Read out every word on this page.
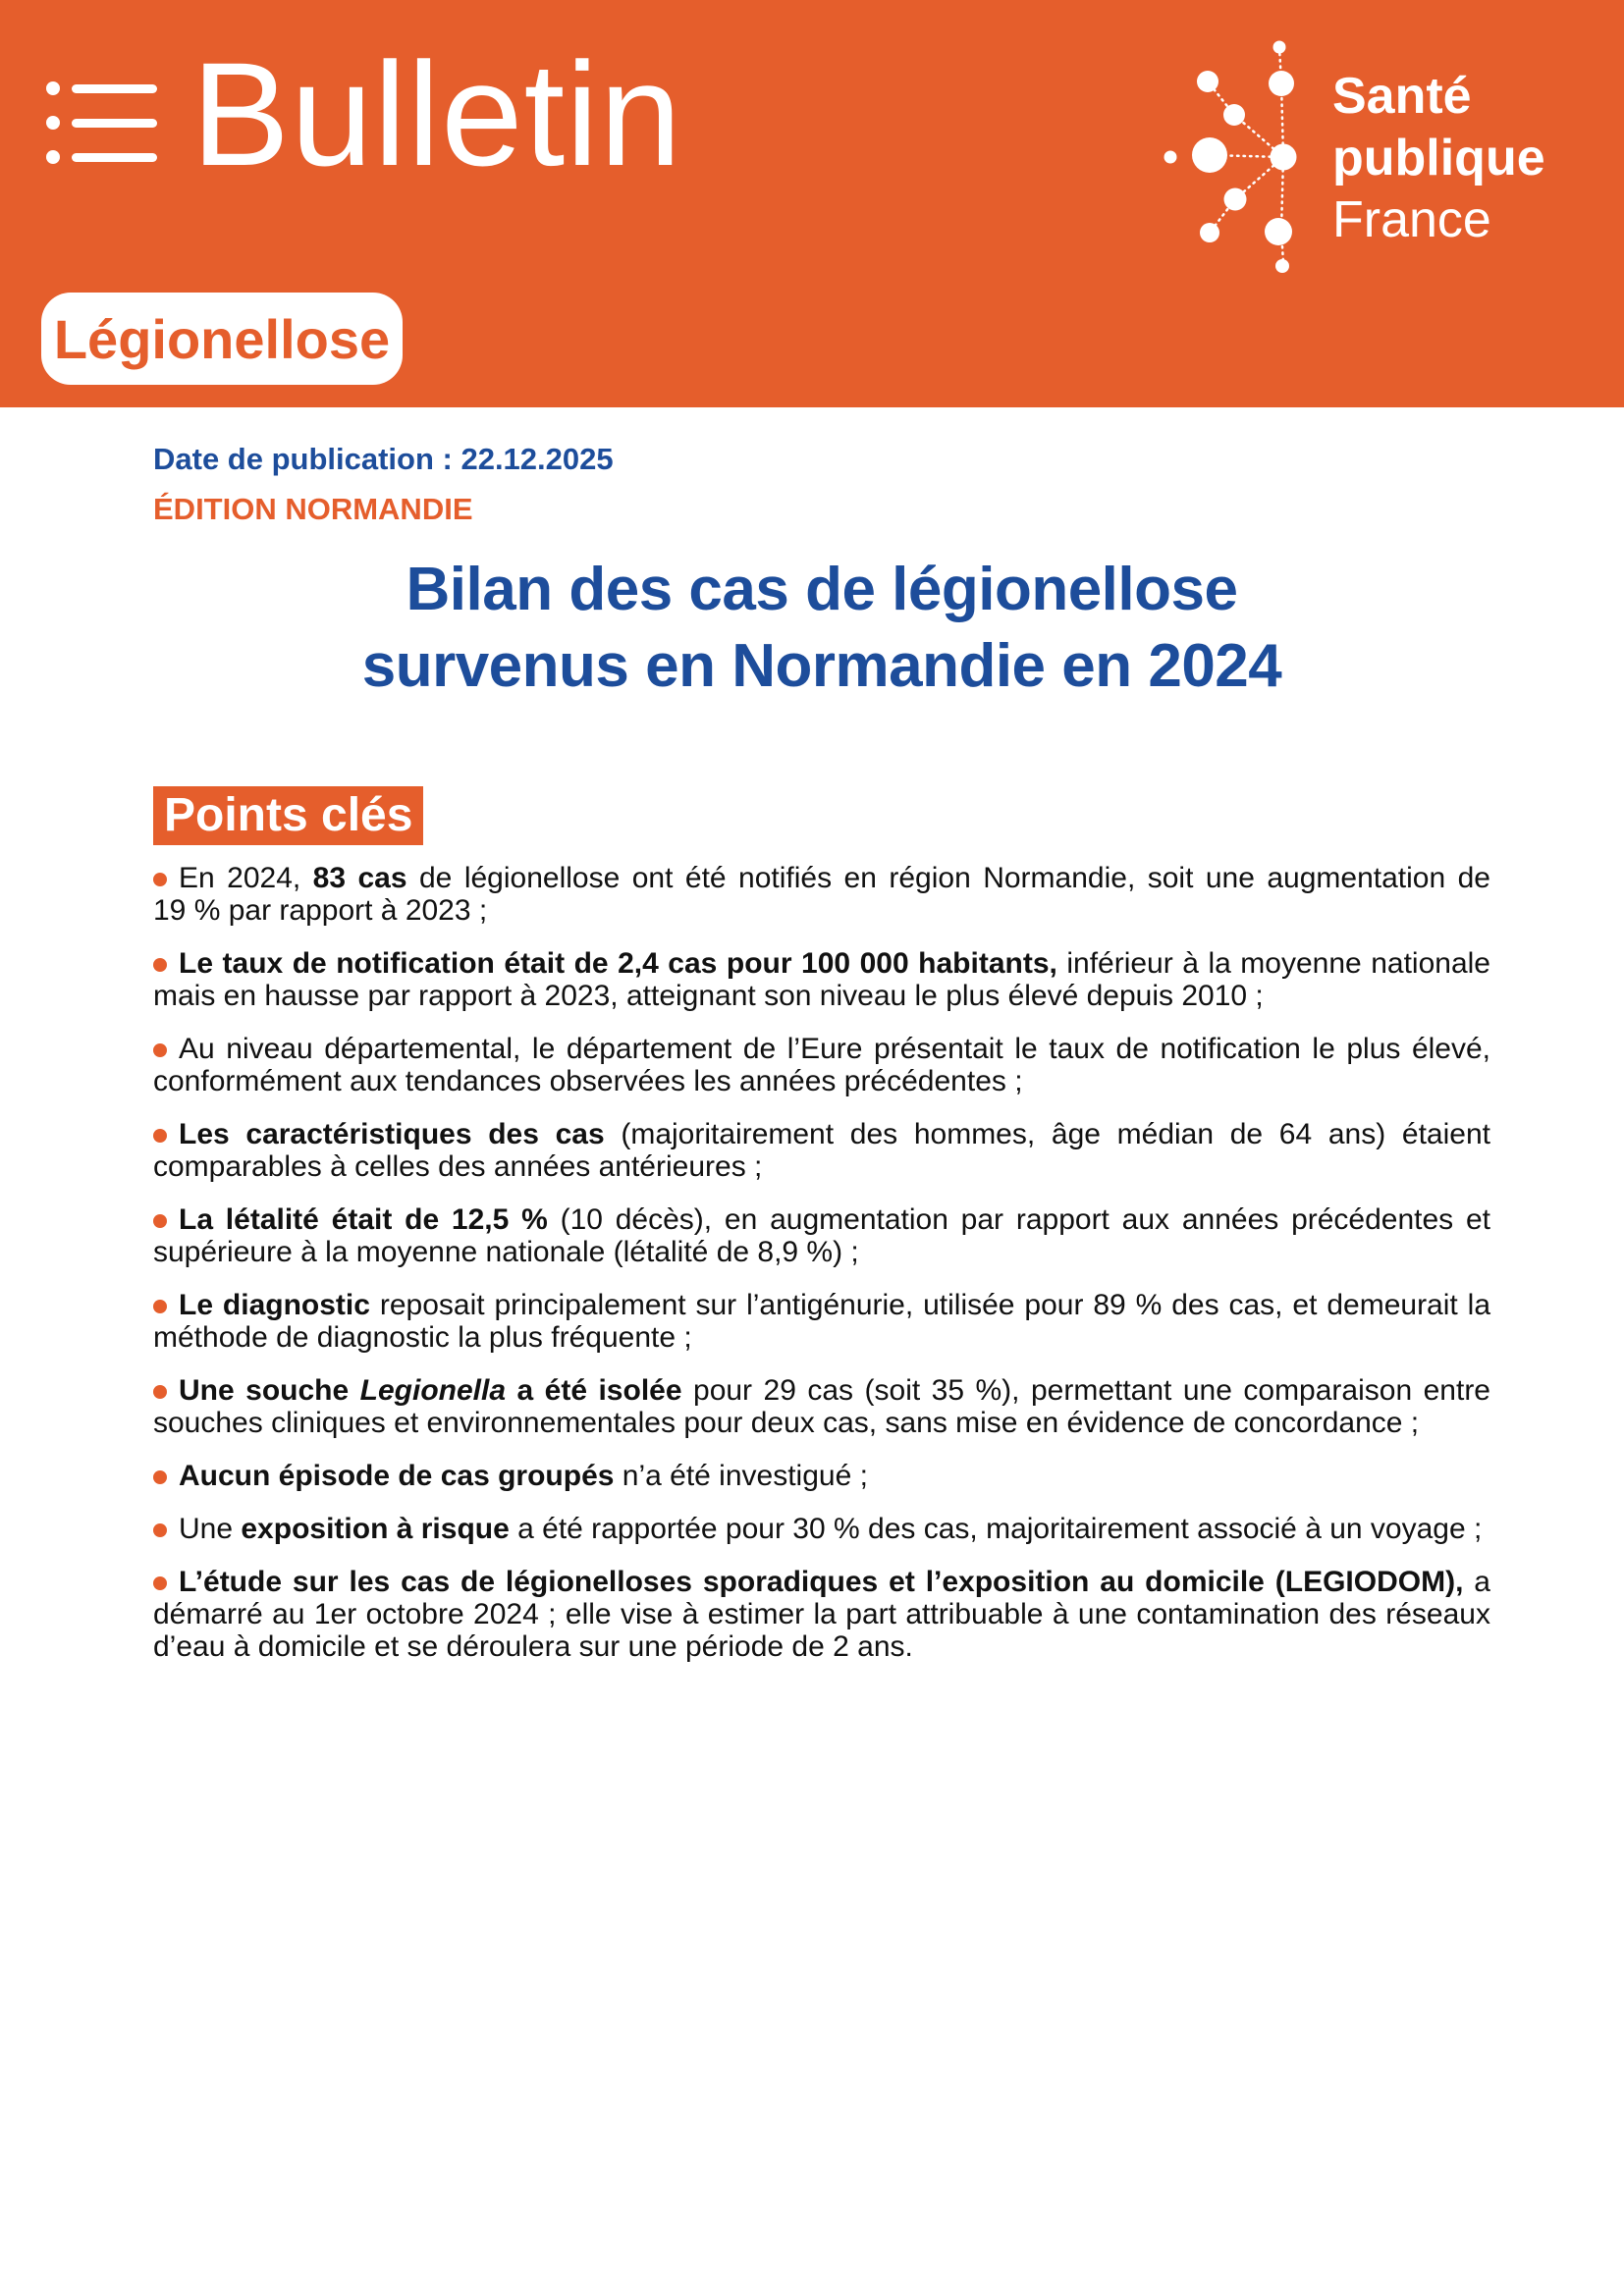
Bulletin	Santé
publique
France
Légionellose

Date de publication : 22.12.2025

ÉDITION NORMANDIE

Bilan des cas de légionellose
survenus en Normandie en 2024
Points clés

En 2024, 83 cas de légionellose ont été notifiés en région Normandie, soit une augmentation de 19 % par rapport à 2023 ;

Le taux de notification était de 2,4 cas pour 100 000 habitants, inférieur à la moyenne nationale mais en hausse par rapport à 2023, atteignant son niveau le plus élevé depuis 2010 ;

Au niveau départemental, le département de l’Eure présentait le taux de notification le plus élevé, conformément aux tendances observées les années précédentes ;

Les caractéristiques des cas (majoritairement des hommes, âge médian de 64 ans) étaient comparables à celles des années antérieures ;

La létalité était de 12,5 % (10 décès), en augmentation par rapport aux années précédentes et supérieure à la moyenne nationale (létalité de 8,9 %) ;

Le diagnostic reposait principalement sur l’antigénurie, utilisée pour 89 % des cas, et demeurait la méthode de diagnostic la plus fréquente ;

Une souche Legionella a été isolée pour 29 cas (soit 35 %), permettant une comparaison entre souches cliniques et environnementales pour deux cas, sans mise en évidence de concordance ;

Aucun épisode de cas groupés n’a été investigué ;

Une exposition à risque a été rapportée pour 30 % des cas, majoritairement associé à un voyage ;

L’étude sur les cas de légionelloses sporadiques et l’exposition au domicile (LEGIODOM), a démarré au 1er octobre 2024 ; elle vise à estimer la part attribuable à une contamination des réseaux d’eau à domicile et se déroulera sur une période de 2 ans.
